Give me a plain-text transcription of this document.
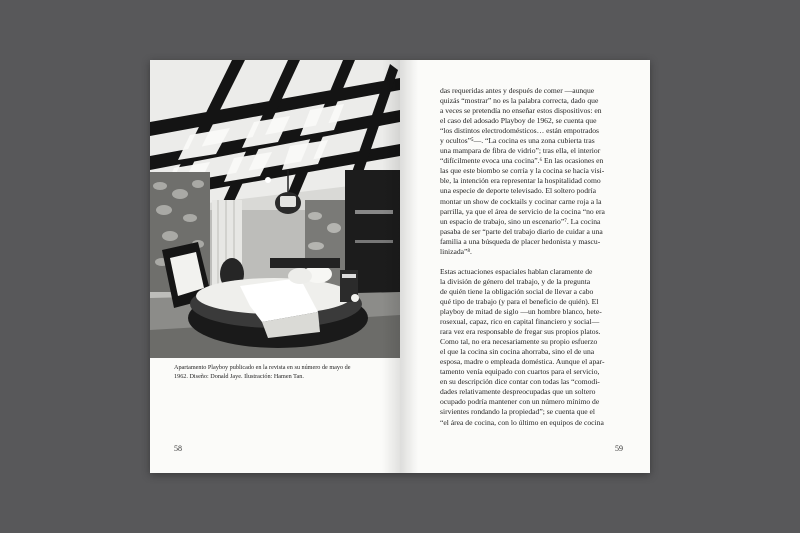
Apartamento Playboy publicado en la revista en su número de mayo de
1962. Diseño: Donald Jaye. Ilustración: Hamen Tan.
58	59

das requeridas antes y después de comer —aunque
quizás “mostrar” no es la palabra correcta, dado que
a veces se pretendía no enseñar estos dispositivos: en
el caso del adosado Playboy de 1962, se cuenta que
“los distintos electrodomésticos… están empotrados
y ocultos”⁵—. “La cocina es una zona cubierta tras
una mampara de fibra de vidrio”; tras ella, el interior
“difícilmente evoca una cocina”.⁶ En las ocasiones en
las que este biombo se corría y la cocina se hacía visi-
ble, la intención era representar la hospitalidad como
una especie de deporte televisado. El soltero podría
montar un show de cocktails y cocinar carne roja a la
parrilla, ya que el área de servicio de la cocina “no era
un espacio de trabajo, sino un escenario”⁷. La cocina
pasaba de ser “parte del trabajo diario de cuidar a una
familia a una búsqueda de placer hedonista y mascu-
linizada”⁸.

Estas actuaciones espaciales hablan claramente de
la división de género del trabajo, y de la pregunta
de quién tiene la obligación social de llevar a cabo
qué tipo de trabajo (y para el beneficio de quién). El
playboy de mitad de siglo —un hombre blanco, hete-
rosexual, capaz, rico en capital financiero y social—
rara vez era responsable de fregar sus propios platos.
Como tal, no era necesariamente su propio esfuerzo
el que la cocina sin cocina ahorraba, sino el de una
esposa, madre o empleada doméstica. Aunque el apar-
tamento venía equipado con cuartos para el servicio,
en su descripción dice contar con todas las “comodi-
dades relativamente despreocupadas que un soltero
ocupado podría mantener con un número mínimo de
sirvientes rondando la propiedad”; se cuenta que el
“el área de cocina, con lo último en equipos de cocina
